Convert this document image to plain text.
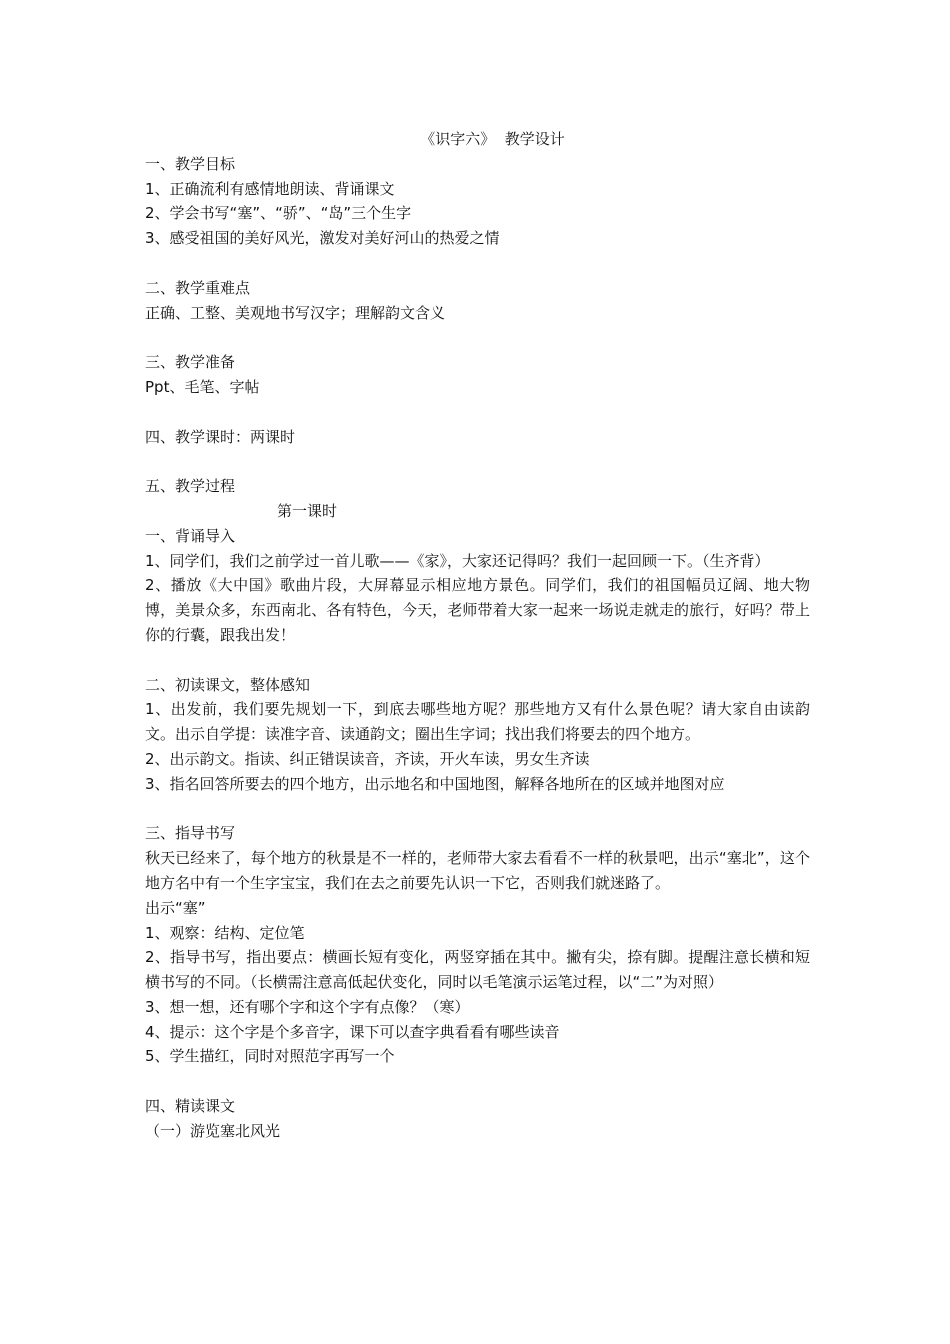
《识字六》  教学设计
一、教学目标
1、正确流利有感情地朗读、背诵课文
2、学会书写“塞”、“骄”、“岛”三个生字
3、感受祖国的美好风光，激发对美好河山的热爱之情
二、教学重难点
正确、工整、美观地书写汉字；理解韵文含义
三、教学准备
Ppt、毛笔、字帖
四、教学课时：两课时
五、教学过程
第一课时
一、背诵导入
1、同学们，我们之前学过一首儿歌——《家》，大家还记得吗？我们一起回顾一下。（生齐背）
2、播放《大中国》歌曲片段，大屏幕显示相应地方景色。同学们，我们的祖国幅员辽阔、地大物博，美景众多，东西南北、各有特色，今天，老师带着大家一起来一场说走就走的旅行，好吗？带上你的行囊，跟我出发！
二、初读课文，整体感知
1、出发前，我们要先规划一下，到底去哪些地方呢？那些地方又有什么景色呢？请大家自由读韵文。出示自学提：读准字音、读通韵文；圈出生字词；找出我们将要去的四个地方。
2、出示韵文。指读、纠正错误读音，齐读，开火车读，男女生齐读
3、指名回答所要去的四个地方，出示地名和中国地图，解释各地所在的区域并地图对应
三、指导书写
秋天已经来了，每个地方的秋景是不一样的，老师带大家去看看不一样的秋景吧，出示“塞北”，这个地方名中有一个生字宝宝，我们在去之前要先认识一下它，否则我们就迷路了。
出示“塞”
1、观察：结构、定位笔
2、指导书写，指出要点：横画长短有变化，两竖穿插在其中。撇有尖，捺有脚。提醒注意长横和短横书写的不同。（长横需注意高低起伏变化，同时以毛笔演示运笔过程，以“二”为对照）
3、想一想，还有哪个字和这个字有点像？（寒）
4、提示：这个字是个多音字，课下可以查字典看看有哪些读音
5、学生描红，同时对照范字再写一个
四、精读课文
（一）游览塞北风光
